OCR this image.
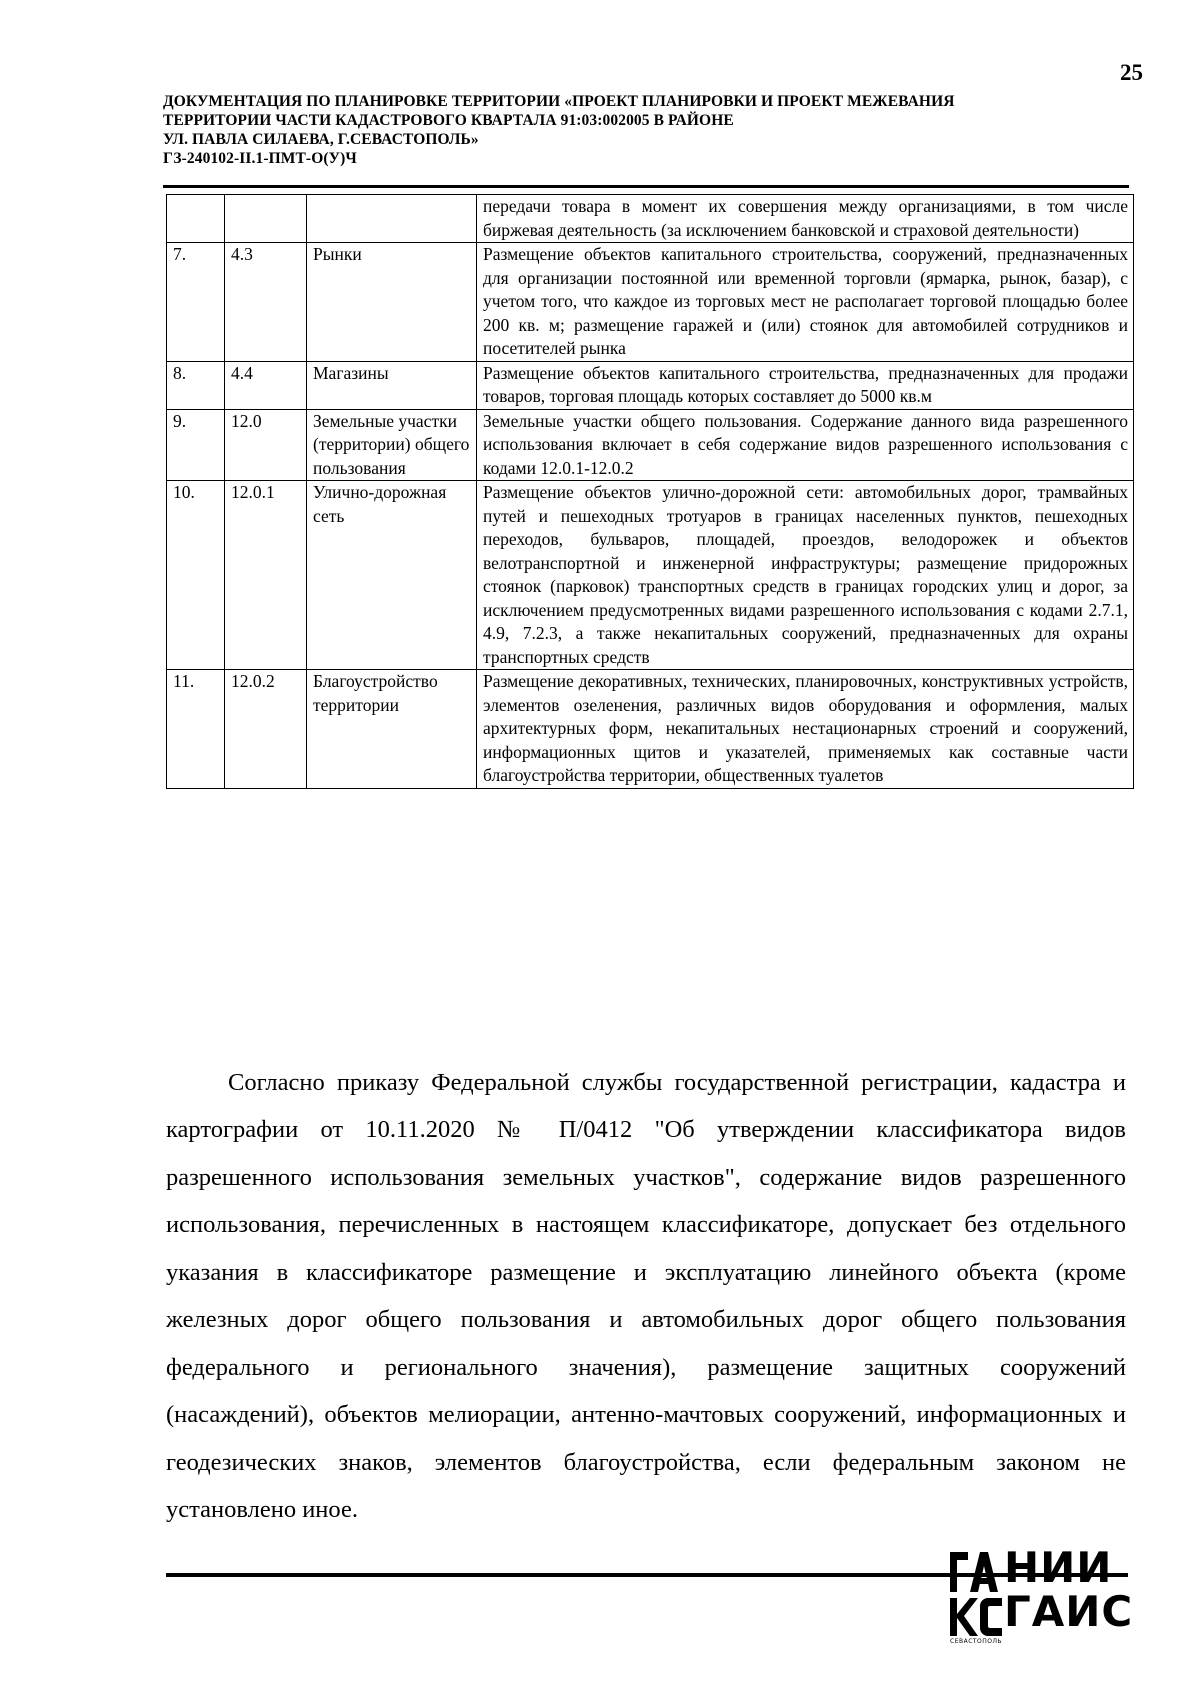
25
ДОКУМЕНТАЦИЯ ПО ПЛАНИРОВКЕ ТЕРРИТОРИИ «ПРОЕКТ ПЛАНИРОВКИ И ПРОЕКТ МЕЖЕВАНИЯ
ТЕРРИТОРИИ ЧАСТИ КАДАСТРОВОГО КВАРТАЛА 91:03:002005 В РАЙОНЕ
УЛ. ПАВЛА СИЛАЕВА, Г.СЕВАСТОПОЛЬ»
ГЗ-240102-II.1-ПМТ-О(У)Ч
			передачи товара в момент их совершения между организациями, в том числе биржевая деятельность (за исключением банковской и страховой деятельности)
7.	4.3	Рынки	Размещение объектов капитального строительства, сооружений, предназначенных для организации постоянной или временной торговли (ярмарка, рынок, базар), с учетом того, что каждое из торговых мест не располагает торговой площадью более 200 кв. м; размещение гаражей и (или) стоянок для автомобилей сотрудников и посетителей рынка
8.	4.4	Магазины	Размещение объектов капитального строительства, предназначенных для продажи товаров, торговая площадь которых составляет до 5000 кв.м
9.	12.0	Земельные участки (территории) общего пользования	Земельные участки общего пользования. Содержание данного вида разрешенного использования включает в себя содержание видов разрешенного использования с кодами 12.0.1-12.0.2
10.	12.0.1	Улично-дорожная сеть	Размещение объектов улично-дорожной сети: автомобильных дорог, трамвайных путей и пешеходных тротуаров в границах населенных пунктов, пешеходных переходов, бульваров, площадей, проездов, велодорожек и объектов велотранспортной и инженерной инфраструктуры; размещение придорожных стоянок (парковок) транспортных средств в границах городских улиц и дорог, за исключением предусмотренных видами разрешенного использования с кодами 2.7.1, 4.9, 7.2.3, а также некапитальных сооружений, предназначенных для охраны транспортных средств
11.	12.0.2	Благоустройство территории	Размещение декоративных, технических, планировочных, конструктивных устройств, элементов озеленения, различных видов оборудования и оформления, малых архитектурных форм, некапитальных нестационарных строений и сооружений, информационных щитов и указателей, применяемых как составные части благоустройства территории, общественных туалетов

Согласно приказу Федеральной службы государственной регистрации, кадастра и картографии от 10.11.2020 № П/0412 "Об утверждении классификатора видов разрешенного использования земельных участков", содержание видов разрешенного использования, перечисленных в настоящем классификаторе, допускает без отдельного указания в классификаторе размещение и эксплуатацию линейного объекта (кроме железных дорог общего пользования и автомобильных дорог общего пользования федерального и регионального значения), размещение защитных сооружений (насаждений), объектов мелиорации, антенно-мачтовых сооружений, информационных и геодезических знаков, элементов благоустройства, если федеральным законом не установлено иное.

НИИ
ГАИС
СЕВАСТОПОЛЬ
